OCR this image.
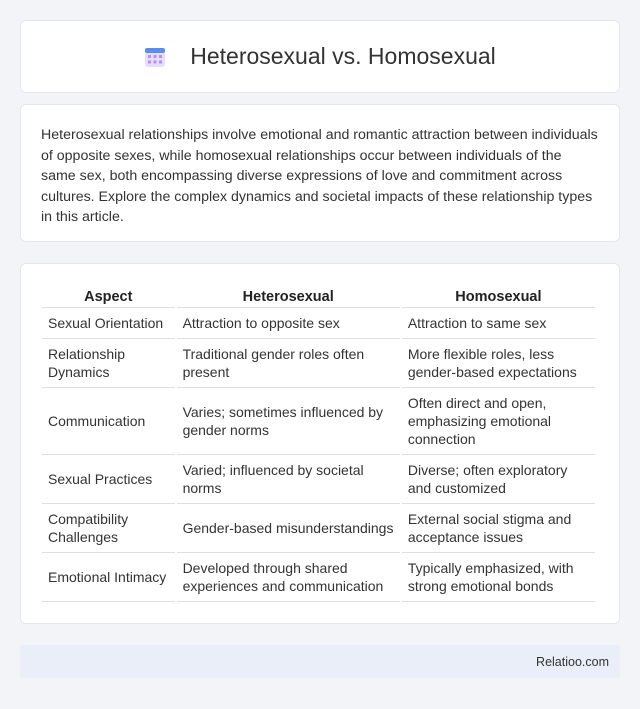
Heterosexual vs. Homosexual

Heterosexual relationships involve emotional and romantic attraction between individuals of opposite sexes, while homosexual relationships occur between individuals of the same sex, both encompassing diverse expressions of love and commitment across cultures. Explore the complex dynamics and societal impacts of these relationship types in this article.

Aspect	Heterosexual	Homosexual
Sexual Orientation	Attraction to opposite sex	Attraction to same sex
Relationship Dynamics	Traditional gender roles often present	More flexible roles, less gender-based expectations
Communication	Varies; sometimes influenced by gender norms	Often direct and open, emphasizing emotional connection
Sexual Practices	Varied; influenced by societal norms	Diverse; often exploratory and customized
Compatibility Challenges	Gender-based misunderstandings	External social stigma and acceptance issues
Emotional Intimacy	Developed through shared experiences and communication	Typically emphasized, with strong emotional bonds
Relatioo.com
